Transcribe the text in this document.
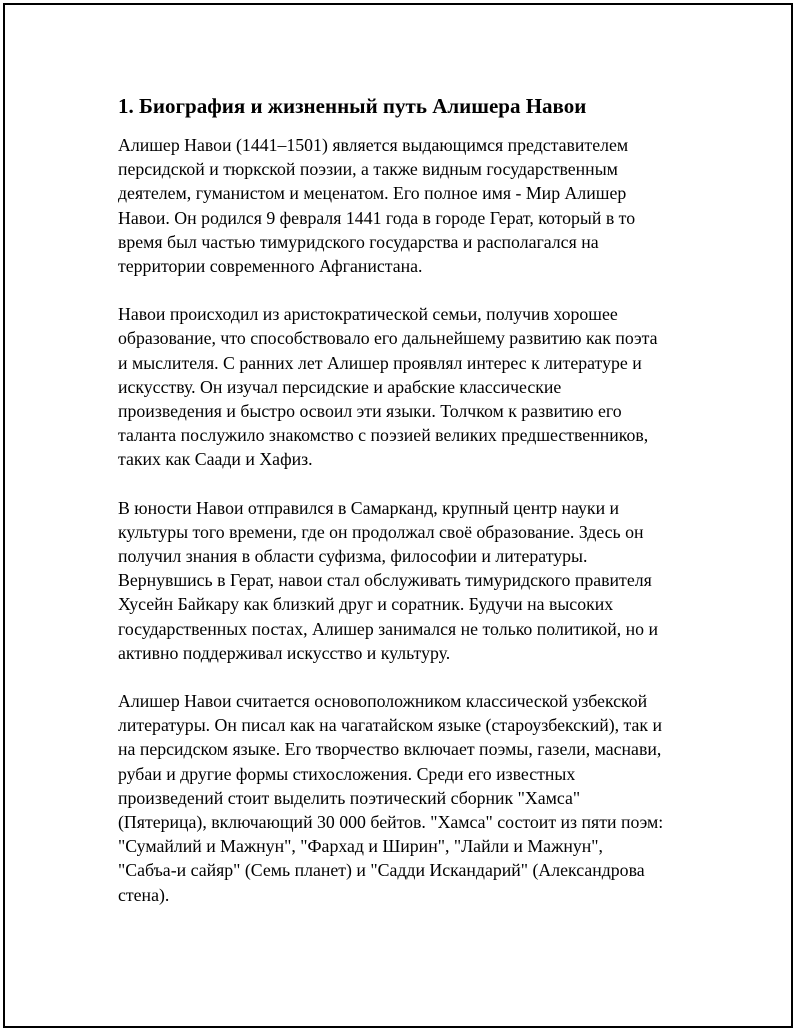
1. Биография и жизненный путь Алишера Навои
Алишер Навои (1441–1501) является выдающимся представителем
персидской и тюркской поэзии, а также видным государственным
деятелем, гуманистом и меценатом. Его полное имя - Мир Алишер
Навои. Он родился 9 февраля 1441 года в городе Герат, который в то
время был частью тимуридского государства и располагался на
территории современного Афганистана.
Навои происходил из аристократической семьи, получив хорошее
образование, что способствовало его дальнейшему развитию как поэта
и мыслителя. С ранних лет Алишер проявлял интерес к литературе и
искусству. Он изучал персидские и арабские классические
произведения и быстро освоил эти языки. Толчком к развитию его
таланта послужило знакомство с поэзией великих предшественников,
таких как Саади и Хафиз.
В юности Навои отправился в Самарканд, крупный центр науки и
культуры того времени, где он продолжал своё образование. Здесь он
получил знания в области суфизма, философии и литературы.
Вернувшись в Герат, навои стал обслуживать тимуридского правителя
Хусейн Байкару как близкий друг и соратник. Будучи на высоких
государственных постах, Алишер занимался не только политикой, но и
активно поддерживал искусство и культуру.
Алишер Навои считается основоположником классической узбекской
литературы. Он писал как на чагатайском языке (староузбекский), так и
на персидском языке. Его творчество включает поэмы, газели, маснави,
рубаи и другие формы стихосложения. Среди его известных
произведений стоит выделить поэтический сборник "Хамса"
(Пятерица), включающий 30 000 бейтов. "Хамса" состоит из пяти поэм:
"Сумайлий и Мажнун", "Фархад и Ширин", "Лайли и Мажнун",
"Сабъа-и сайяр" (Семь планет) и "Садди Искандарий" (Александрова
стена).
